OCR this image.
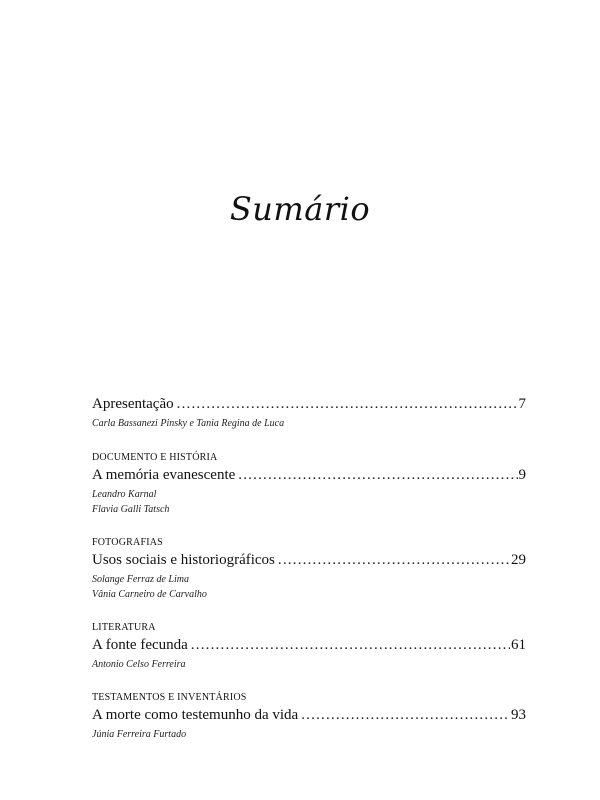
Sumário
Apresentação .....	7
Carla Bassanezi Pinsky e Tania Regina de Luca
DOCUMENTO E HISTÓRIA
A memória evanescente .....	9
Leandro Karnal
Flavia Galli Tatsch
FOTOGRAFIAS
Usos sociais e historiográficos .....	29
Solange Ferraz de Lima
Vânia Carneiro de Carvalho
LITERATURA
A fonte fecunda .....	61
Antonio Celso Ferreira
TESTAMENTOS E INVENTÁRIOS
A morte como testemunho da vida .....	93
Júnia Ferreira Furtado
